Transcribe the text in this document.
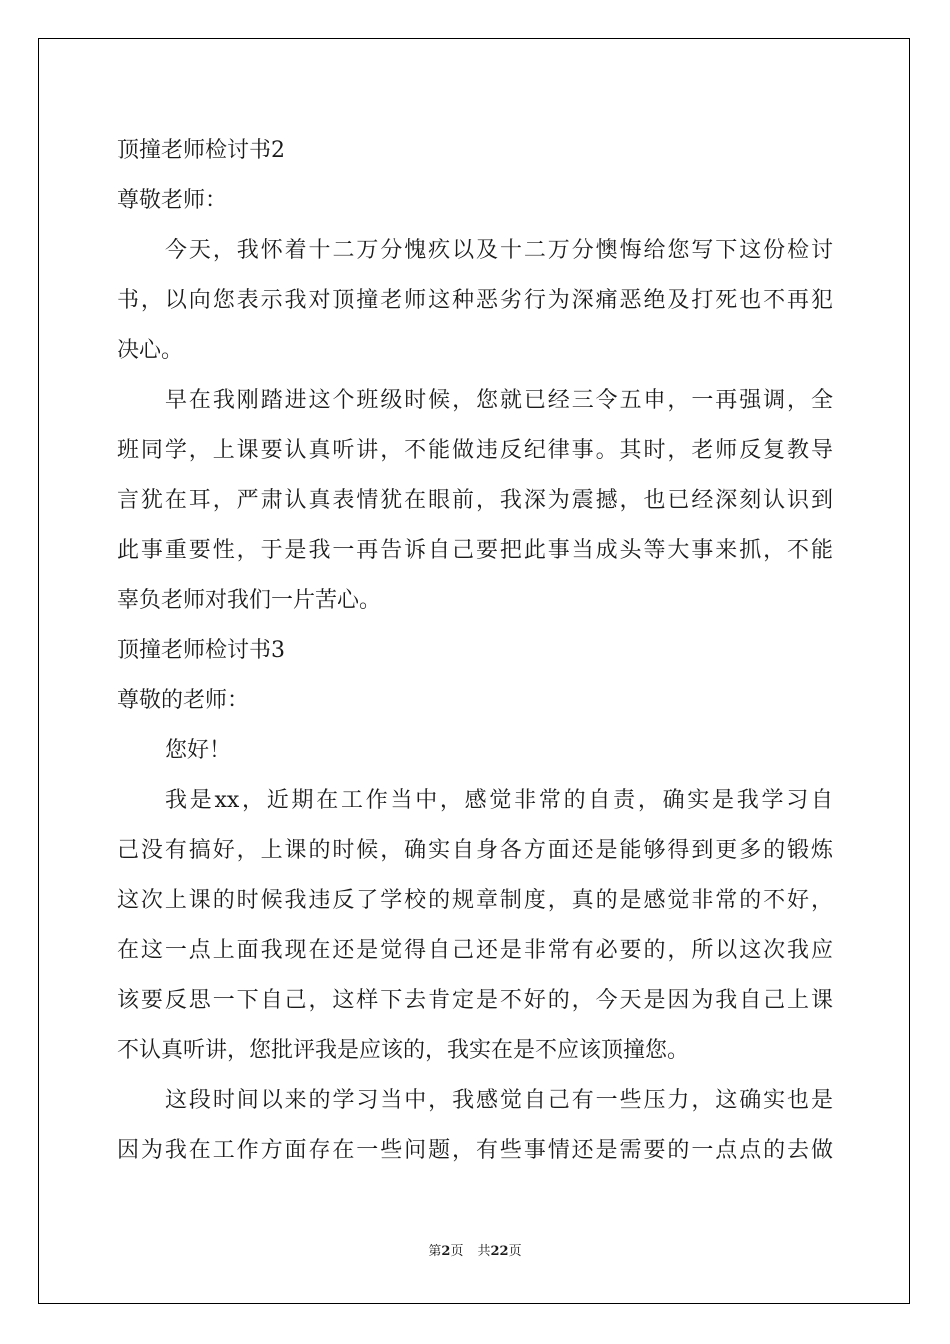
顶撞老师检讨书2
尊敬老师：
今天，我怀着十二万分愧疚以及十二万分懊悔给您写下这份检讨
书，以向您表示我对顶撞老师这种恶劣行为深痛恶绝及打死也不再犯
决心。
早在我刚踏进这个班级时候，您就已经三令五申，一再强调，全
班同学，上课要认真听讲，不能做违反纪律事。其时，老师反复教导
言犹在耳，严肃认真表情犹在眼前，我深为震撼，也已经深刻认识到
此事重要性，于是我一再告诉自己要把此事当成头等大事来抓，不能
辜负老师对我们一片苦心。
顶撞老师检讨书3
尊敬的老师：
您好！
我是xx，近期在工作当中，感觉非常的自责，确实是我学习自
己没有搞好，上课的时候，确实自身各方面还是能够得到更多的锻炼
这次上课的时候我违反了学校的规章制度，真的是感觉非常的不好，
在这一点上面我现在还是觉得自己还是非常有必要的，所以这次我应
该要反思一下自己，这样下去肯定是不好的，今天是因为我自己上课
不认真听讲，您批评我是应该的，我实在是不应该顶撞您。
这段时间以来的学习当中，我感觉自己有一些压力，这确实也是
因为我在工作方面存在一些问题，有些事情还是需要的一点点的去做
第2页 共22页
